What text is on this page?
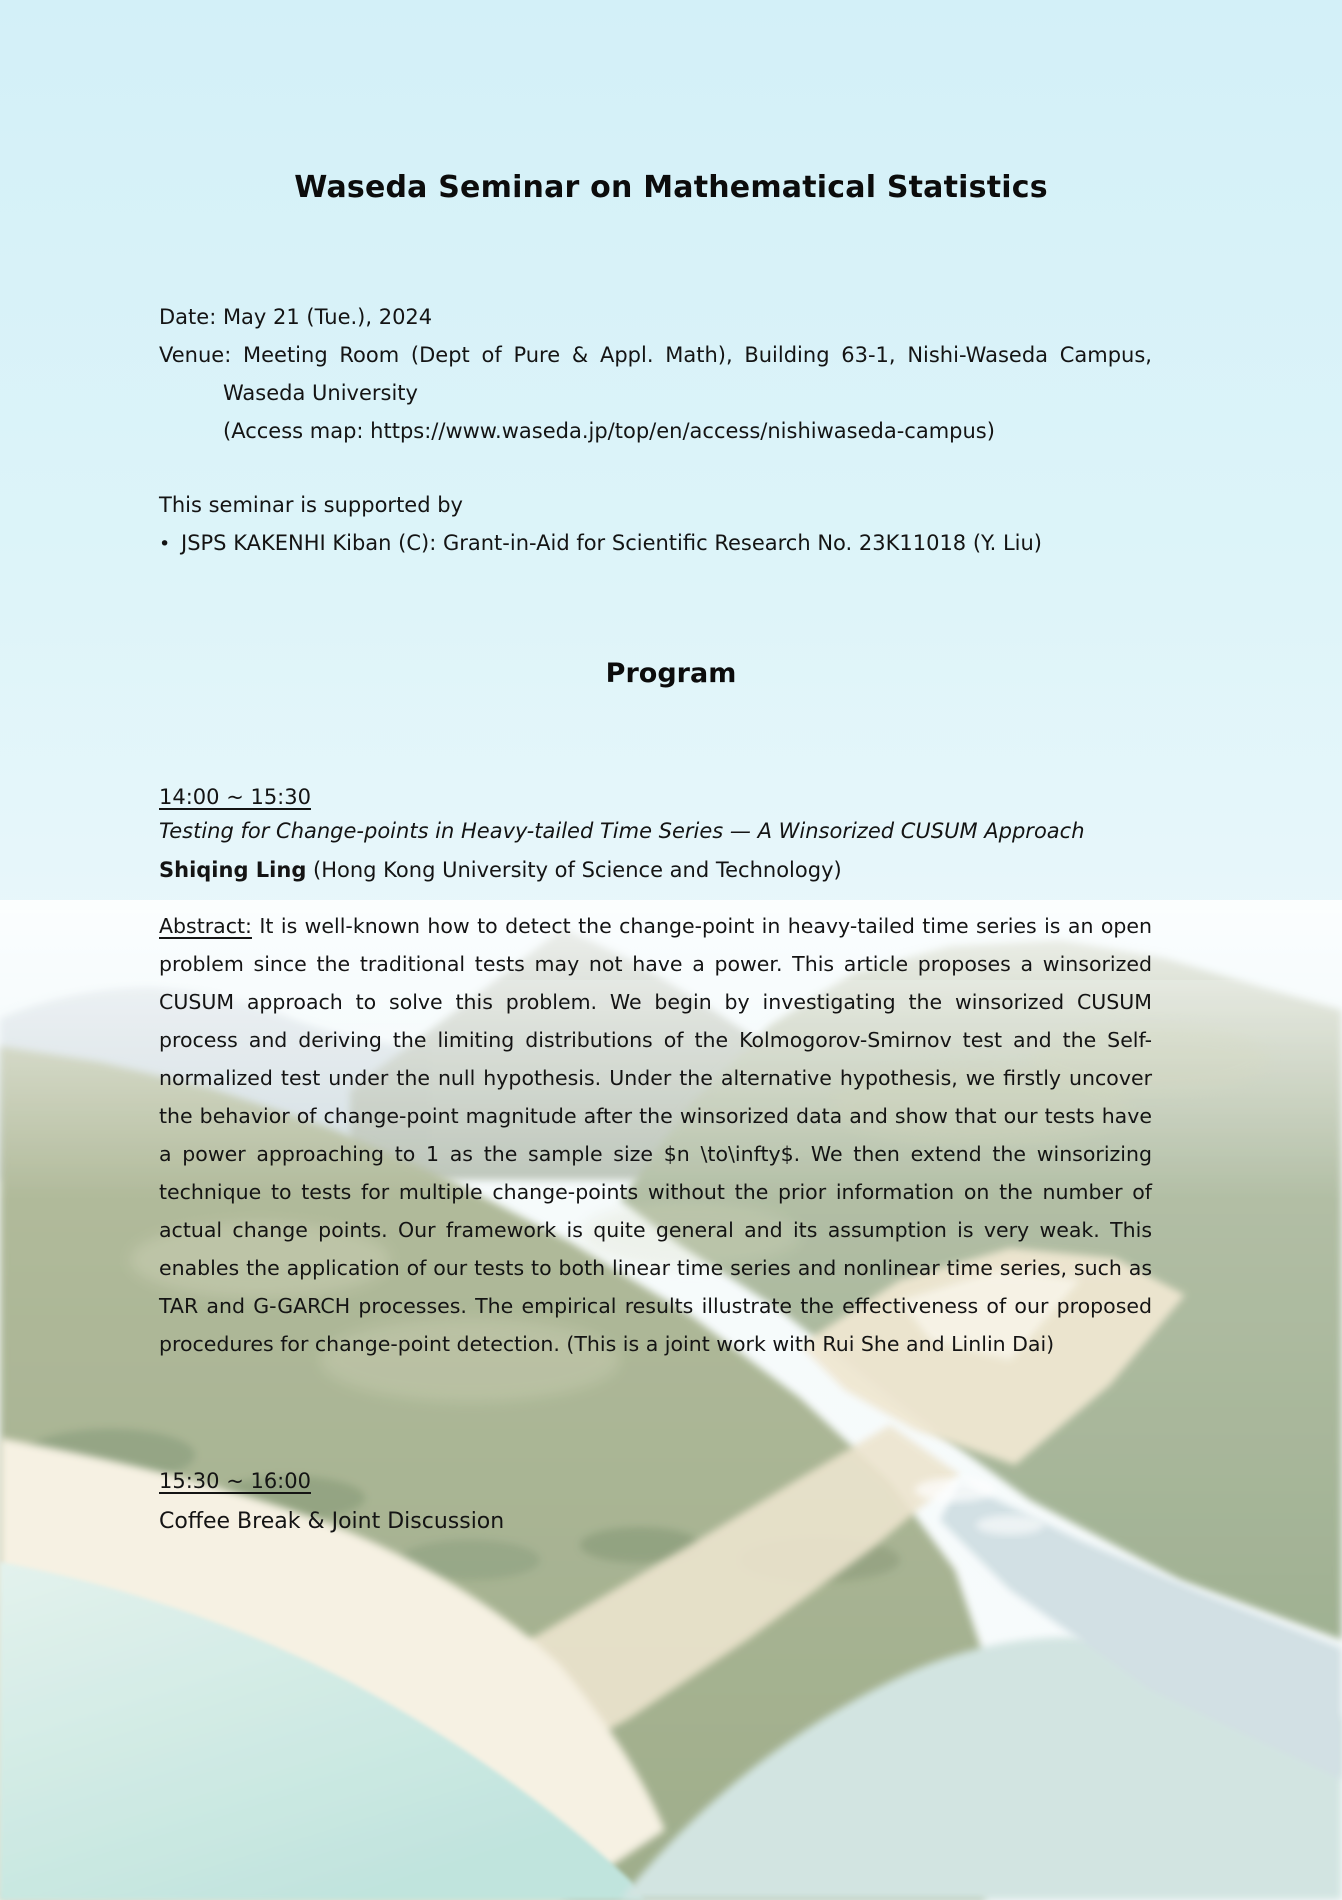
Waseda Seminar on Mathematical Statistics

Date: May 21 (Tue.), 2024

Venue: Meeting Room (Dept of Pure & Appl. Math), Building 63-1, Nishi-Waseda Campus,

Waseda University

(Access map: https://www.waseda.jp/top/en/access/nishiwaseda-campus)

This seminar is supported by

• JSPS KAKENHI Kiban (C): Grant-in-Aid for Scientific Research No. 23K11018 (Y. Liu)
Program

14:00 ~ 15:30

Testing for Change-points in Heavy-tailed Time Series — A Winsorized CUSUM Approach

Shiqing Ling (Hong Kong University of Science and Technology)

Abstract: It is well-known how to detect the change-point in heavy-tailed time series is an open problem since the traditional tests may not have a power. This article proposes a winsorized CUSUM approach to solve this problem. We begin by investigating the winsorized CUSUM process and deriving the limiting distributions of the Kolmogorov-Smirnov test and the Self-normalized test under the null hypothesis. Under the alternative hypothesis, we firstly uncover the behavior of change-point magnitude after the winsorized data and show that our tests have a power approaching to 1 as the sample size $n \to\infty$. We then extend the winsorizing technique to tests for multiple change-points without the prior information on the number of actual change points. Our framework is quite general and its assumption is very weak. This enables the application of our tests to both linear time series and nonlinear time series, such as TAR and G-GARCH processes. The empirical results illustrate the effectiveness of our proposed procedures for change-point detection. (This is a joint work with Rui She and Linlin Dai)

15:30 ~ 16:00

Coffee Break & Joint Discussion
